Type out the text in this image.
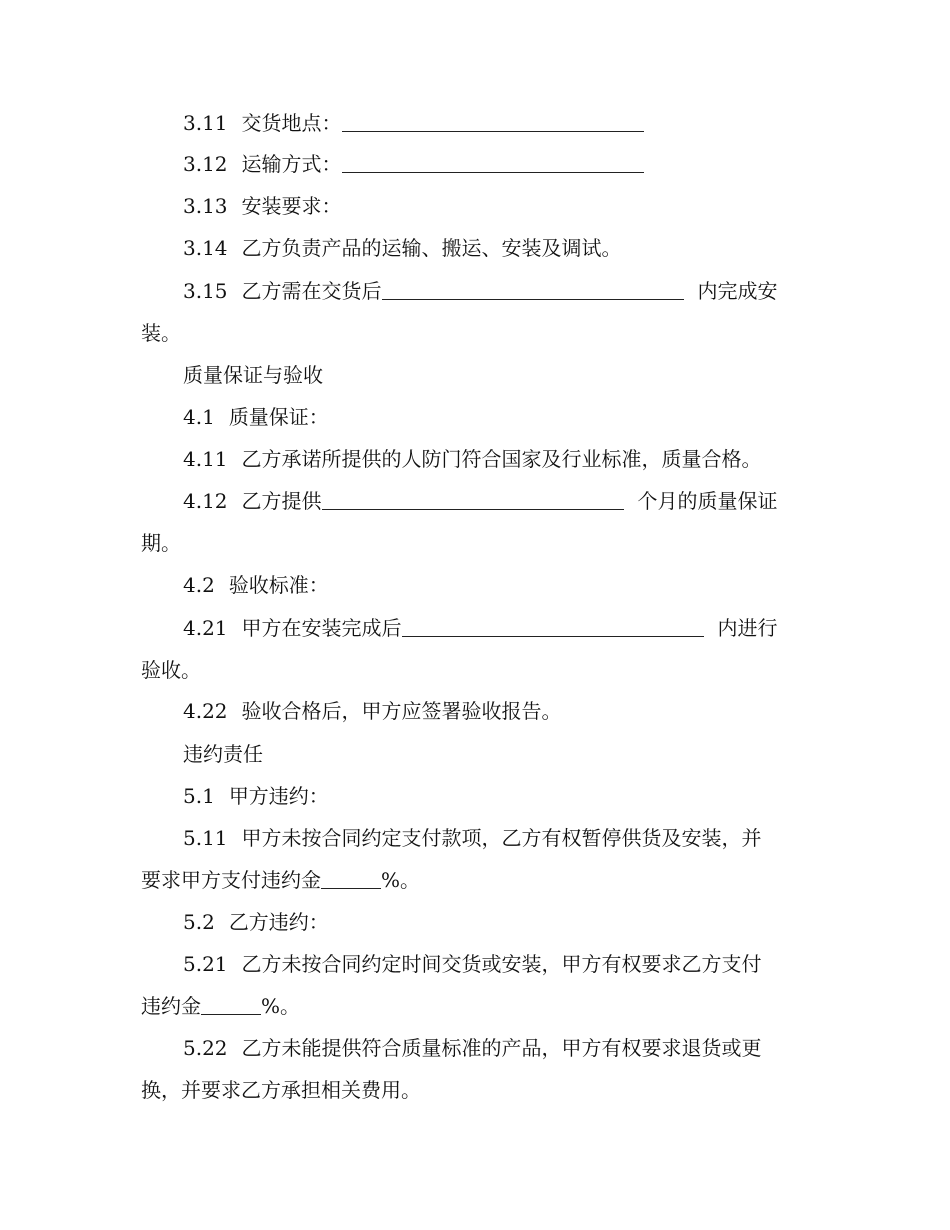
3.11 交货地点：
3.12 运输方式：
3.13 安装要求：
3.14 乙方负责产品的运输、搬运、安装及调试。
3.15 乙方需在交货后	内完成安
装。
质量保证与验收
4.1 质量保证：
4.11 乙方承诺所提供的人防门符合国家及行业标准，质量合格。
4.12 乙方提供	个月的质量保证
期。
4.2 验收标准：
4.21 甲方在安装完成后	内进行
验收。
4.22 验收合格后，甲方应签署验收报告。
违约责任
5.1 甲方违约：
5.11 甲方未按合同约定支付款项，乙方有权暂停供货及安装，并
要求甲方支付违约金	%。
5.2 乙方违约：
5.21 乙方未按合同约定时间交货或安装，甲方有权要求乙方支付
违约金	%。
5.22 乙方未能提供符合质量标准的产品，甲方有权要求退货或更
换，并要求乙方承担相关费用。
